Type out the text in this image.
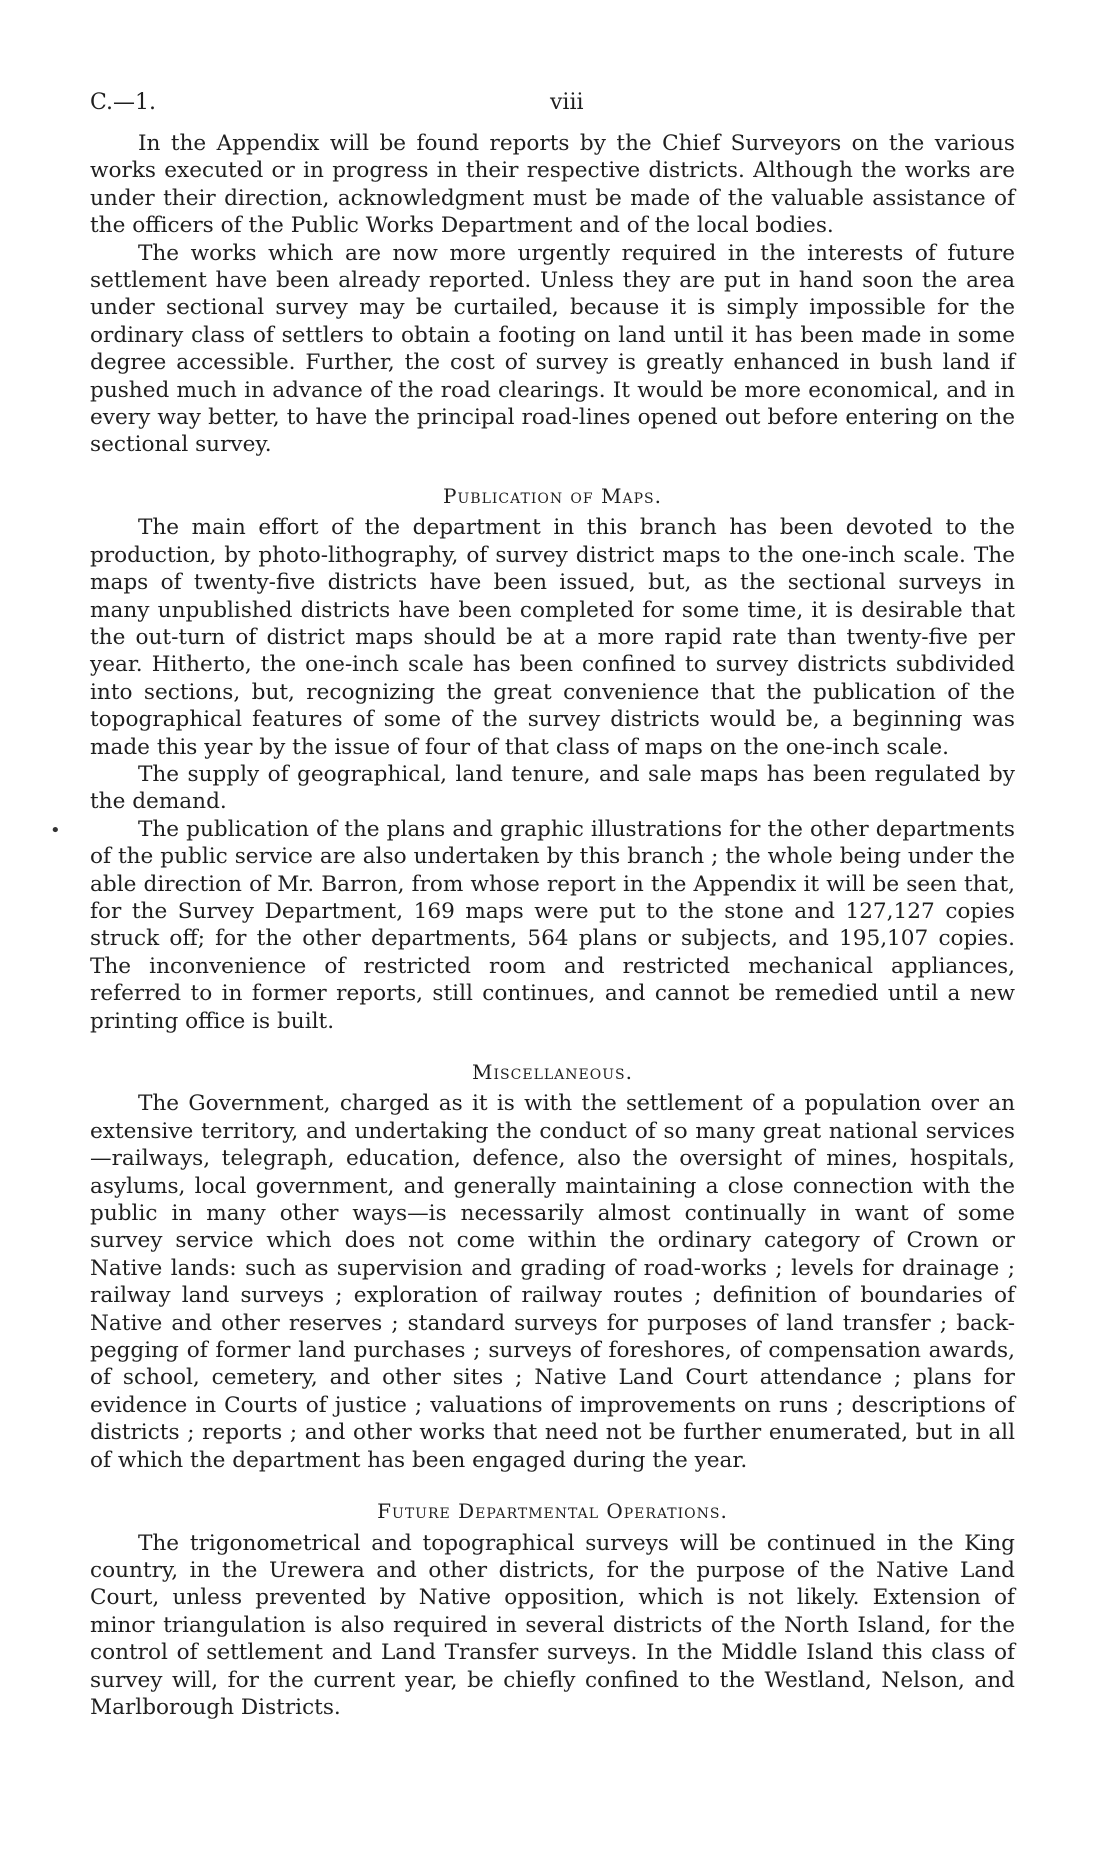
C.—1.	viii

In the Appendix will be found reports by the Chief Surveyors on the various works executed or in progress in their respective districts. Although the works are under their direction, acknowledgment must be made of the valuable assistance of the officers of the Public Works Department and of the local bodies.

The works which are now more urgently required in the interests of future settlement have been already reported. Unless they are put in hand soon the area under sectional survey may be curtailed, because it is simply impossible for the ordinary class of settlers to obtain a footing on land until it has been made in some degree accessible. Further, the cost of survey is greatly enhanced in bush land if pushed much in advance of the road clearings. It would be more economical, and in every way better, to have the principal road-lines opened out before entering on the sectional survey.

Publication of Maps.

The main effort of the department in this branch has been devoted to the production, by photo-lithography, of survey district maps to the one-inch scale. The maps of twenty-five districts have been issued, but, as the sectional surveys in many unpublished districts have been completed for some time, it is desirable that the out-turn of district maps should be at a more rapid rate than twenty-five per year. Hitherto, the one-inch scale has been confined to survey districts subdivided into sections, but, recognizing the great convenience that the publication of the topographical features of some of the survey districts would be, a beginning was made this year by the issue of four of that class of maps on the one-inch scale.

The supply of geographical, land tenure, and sale maps has been regulated by the demand.

The publication of the plans and graphic illustrations for the other departments of the public service are also undertaken by this branch ; the whole being under the able direction of Mr. Barron, from whose report in the Appendix it will be seen that, for the Survey Department, 169 maps were put to the stone and 127,127 copies struck off; for the other departments, 564 plans or subjects, and 195,107 copies. The inconvenience of restricted room and restricted mechanical appliances, referred to in former reports, still continues, and cannot be remedied until a new printing office is built.

Miscellaneous.

The Government, charged as it is with the settlement of a population over an extensive territory, and undertaking the conduct of so many great national services—railways, telegraph, education, defence, also the oversight of mines, hospitals, asylums, local government, and generally maintaining a close connection with the public in many other ways—is necessarily almost continually in want of some survey service which does not come within the ordinary category of Crown or Native lands: such as supervision and grading of road-works ; levels for drainage ; railway land surveys ; exploration of railway routes ; definition of boundaries of Native and other reserves ; standard surveys for purposes of land transfer ; back-pegging of former land purchases ; surveys of foreshores, of compensation awards, of school, cemetery, and other sites ; Native Land Court attendance ; plans for evidence in Courts of justice ; valuations of improvements on runs ; descriptions of districts ; reports ; and other works that need not be further enumerated, but in all of which the department has been engaged during the year.

Future Departmental Operations.

The trigonometrical and topographical surveys will be continued in the King country, in the Urewera and other districts, for the purpose of the Native Land Court, unless prevented by Native opposition, which is not likely. Extension of minor triangulation is also required in several districts of the North Island, for the control of settlement and Land Transfer surveys. In the Middle Island this class of survey will, for the current year, be chiefly confined to the Westland, Nelson, and Marlborough Districts.

•
